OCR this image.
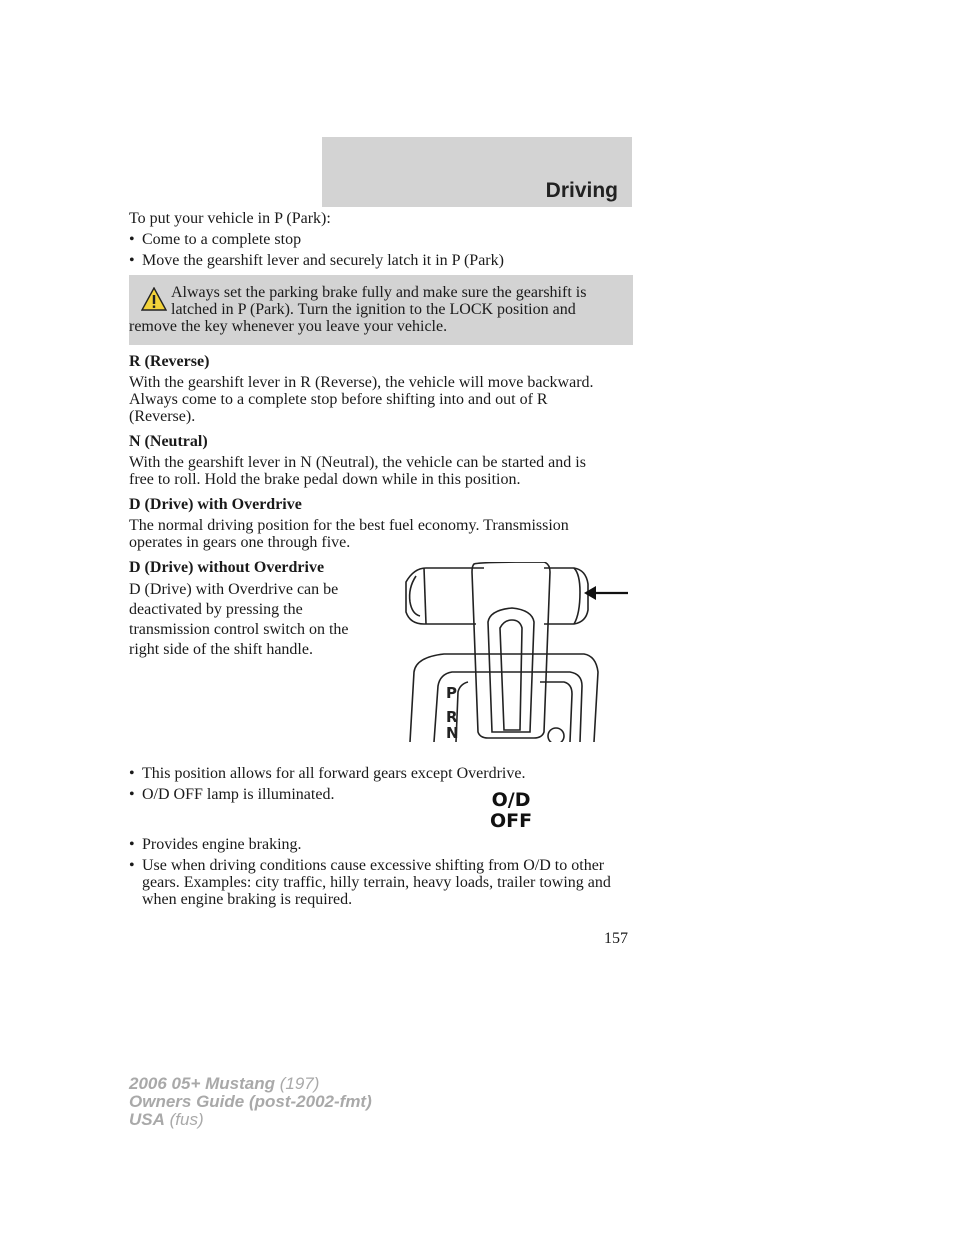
Driving

To put your vehicle in P (Park):

• Come to a complete stop
• Move the gearshift lever and securely latch it in P (Park)

Always set the parking brake fully and make sure the gearshift is
latched in P (Park). Turn the ignition to the LOCK position and
remove the key whenever you leave your vehicle.

R (Reverse)

With the gearshift lever in R (Reverse), the vehicle will move backward.
Always come to a complete stop before shifting into and out of R
(Reverse).

N (Neutral)

With the gearshift lever in N (Neutral), the vehicle can be started and is
free to roll. Hold the brake pedal down while in this position.

D (Drive) with Overdrive

The normal driving position for the best fuel economy. Transmission
operates in gears one through five.

D (Drive) without Overdrive

D (Drive) with Overdrive can be
deactivated by pressing the
transmission control switch on the
right side of the shift handle.

P
R
N
• This position allows for all forward gears except Overdrive.
• O/D OFF lamp is illuminated.
• Provides engine braking.
• Use when driving conditions cause excessive shifting from O/D to other gears. Examples: city traffic, hilly terrain, heavy loads, trailer towing and when engine braking is required.
O/D
OFF
157
2006 05+ Mustang (197)
Owners Guide (post-2002-fmt)
USA (fus)
